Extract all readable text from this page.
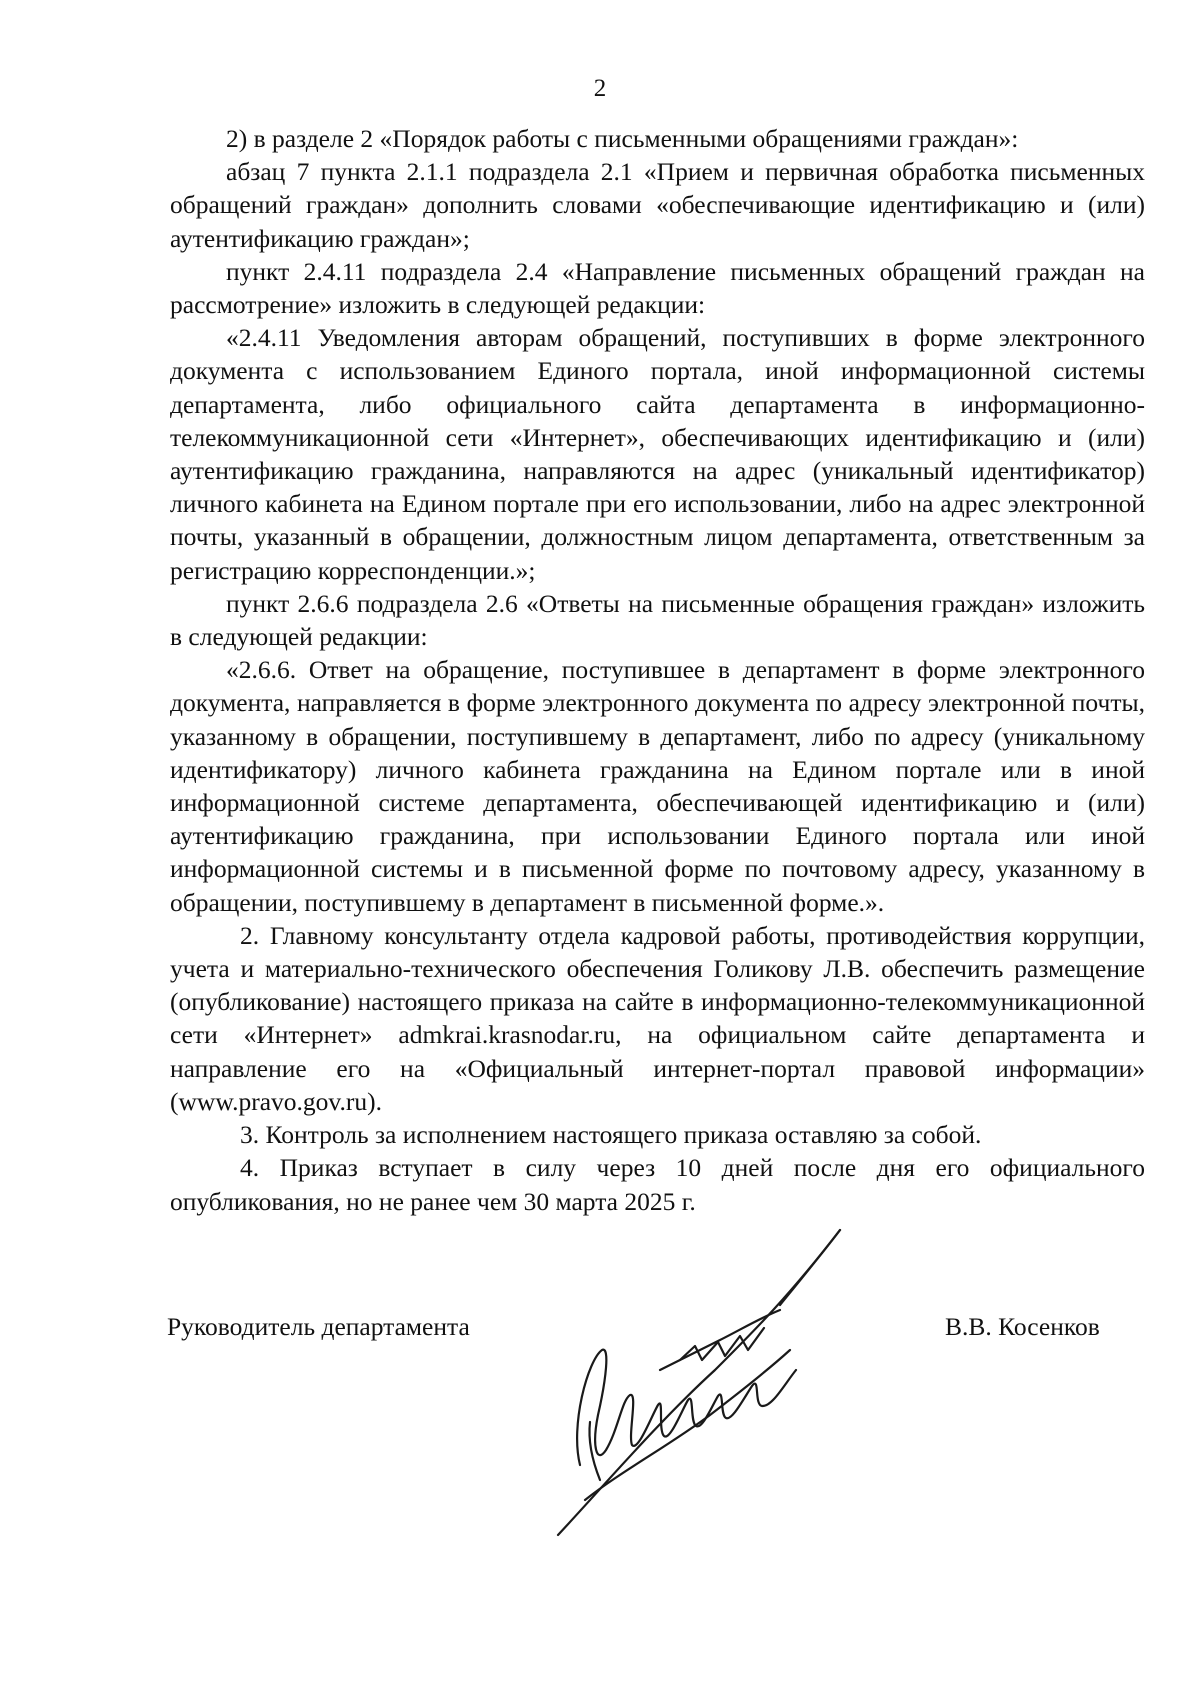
2

2) в разделе 2 «Порядок работы с письменными обращениями граждан»:

абзац 7 пункта 2.1.1 подраздела 2.1 «Прием и первичная обработка письменных обращений граждан» дополнить словами «обеспечивающие идентификацию и (или) аутентификацию граждан»;

пункт 2.4.11 подраздела 2.4 «Направление письменных обращений граждан на рассмотрение» изложить в следующей редакции:

«2.4.11 Уведомления авторам обращений, поступивших в форме электронного документа с использованием Единого портала, иной информационной системы департамента, либо официального сайта департамента в информационно-телекоммуникационной сети «Интернет», обеспечивающих идентификацию и (или) аутентификацию гражданина, направляются на адрес (уникальный идентификатор) личного кабинета на Едином портале при его использовании, либо на адрес электронной почты, указанный в обращении, должностным лицом департамента, ответственным за регистрацию корреспонденции.»;

пункт 2.6.6 подраздела 2.6 «Ответы на письменные обращения граждан» изложить в следующей редакции:

«2.6.6. Ответ на обращение, поступившее в департамент в форме электронного документа, направляется в форме электронного документа по адресу электронной почты, указанному в обращении, поступившему в департамент, либо по адресу (уникальному идентификатору) личного кабинета гражданина на Едином портале или в иной информационной системе департамента, обеспечивающей идентификацию и (или) аутентификацию гражданина, при использовании Единого портала или иной информационной системы и в письменной форме по почтовому адресу, указанному в обращении, поступившему в департамент в письменной форме.».

2. Главному консультанту отдела кадровой работы, противодействия коррупции, учета и материально-технического обеспечения Голикову Л.В. обеспечить размещение (опубликование) настоящего приказа на сайте в информационно-телекоммуникационной сети «Интернет» admkrai.krasnodar.ru, на официальном сайте департамента и направление его на «Официальный интернет-портал правовой информации» (www.pravo.gov.ru).

3. Контроль за исполнением настоящего приказа оставляю за собой.

4. Приказ вступает в силу через 10 дней после дня его официального опубликования, но не ранее чем 30 марта 2025 г.

Руководитель департамента	В.В. Косенков
